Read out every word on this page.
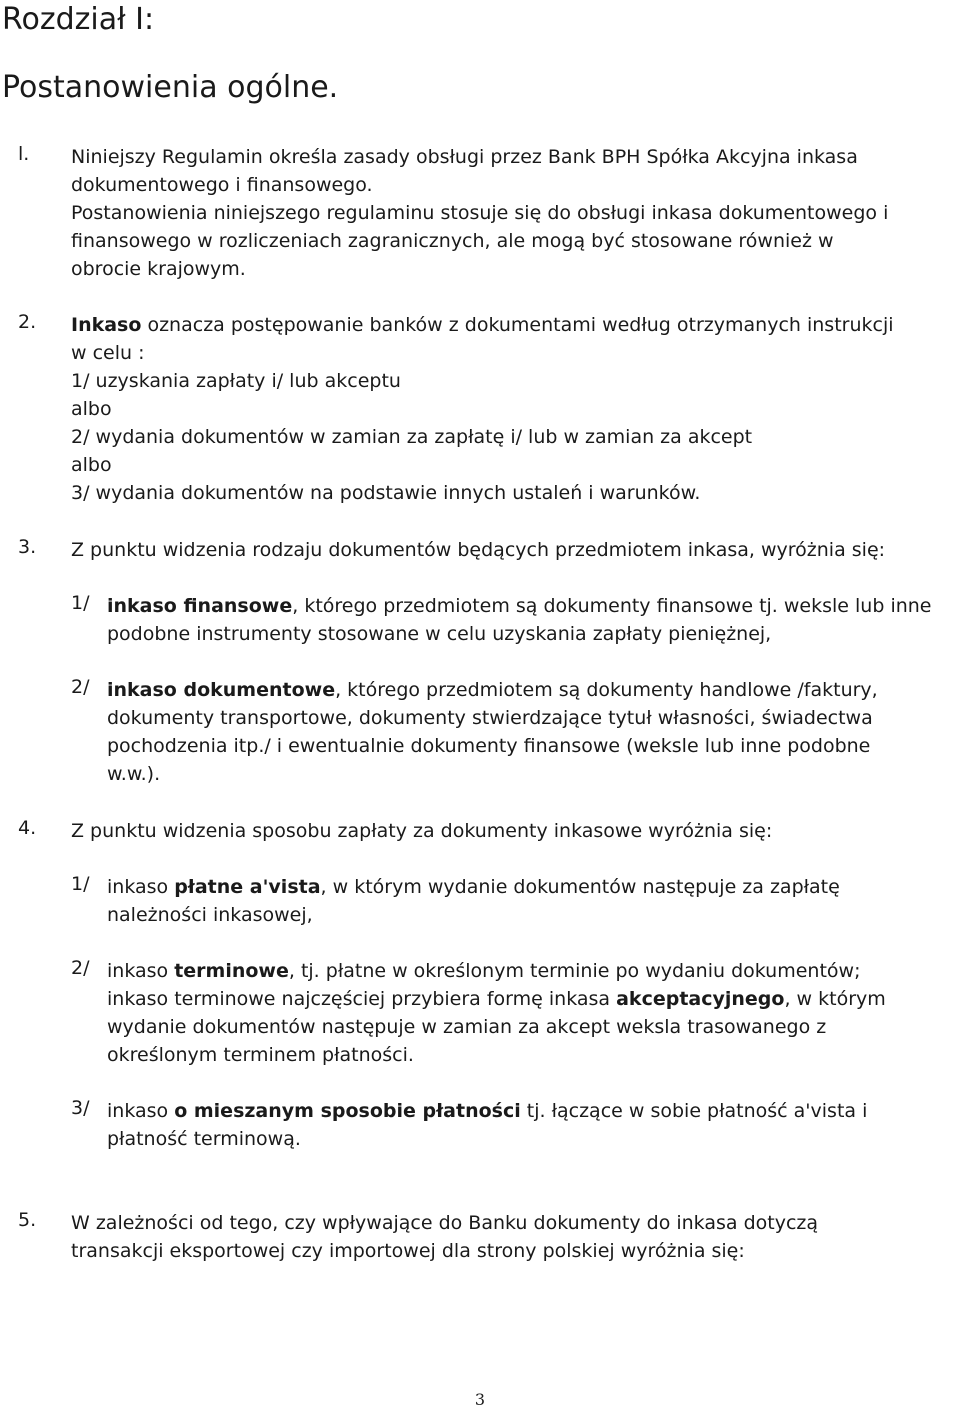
Rozdział I:
Postanowienia ogólne.
l. Niniejszy Regulamin określa zasady obsługi przez Bank BPH Spółka Akcyjna inkasa
dokumentowego i finansowego.
Postanowienia niniejszego regulaminu stosuje się do obsługi inkasa dokumentowego i
finansowego w rozliczeniach zagranicznych, ale mogą być stosowane również w
obrocie krajowym.
2. Inkaso oznacza postępowanie banków z dokumentami według otrzymanych instrukcji
w celu :
1/ uzyskania zapłaty i/ lub akceptu
albo
2/ wydania dokumentów w zamian za zapłatę i/ lub w zamian za akcept
albo
3/ wydania dokumentów na podstawie innych ustaleń i warunków.
3. Z punktu widzenia rodzaju dokumentów będących przedmiotem inkasa, wyróżnia się:
1/ inkaso finansowe, którego przedmiotem są dokumenty finansowe tj. weksle lub inne
podobne instrumenty stosowane w celu uzyskania zapłaty pieniężnej,
2/ inkaso dokumentowe, którego przedmiotem są dokumenty handlowe /faktury,
dokumenty transportowe, dokumenty stwierdzające tytuł własności, świadectwa
pochodzenia itp./ i ewentualnie dokumenty finansowe (weksle lub inne podobne
w.w.).
4. Z punktu widzenia sposobu zapłaty za dokumenty inkasowe wyróżnia się:
1/ inkaso płatne a'vista, w którym wydanie dokumentów następuje za zapłatę
należności inkasowej,
2/ inkaso terminowe, tj. płatne w określonym terminie po wydaniu dokumentów;
inkaso terminowe najczęściej przybiera formę inkasa akceptacyjnego, w którym
wydanie dokumentów następuje w zamian za akcept weksla trasowanego z
określonym terminem płatności.
3/ inkaso o mieszanym sposobie płatności tj. łączące w sobie płatność a'vista i
płatność terminową.
5. W zależności od tego, czy wpływające do Banku dokumenty do inkasa dotyczą
transakcji eksportowej czy importowej dla strony polskiej wyróżnia się:
3
